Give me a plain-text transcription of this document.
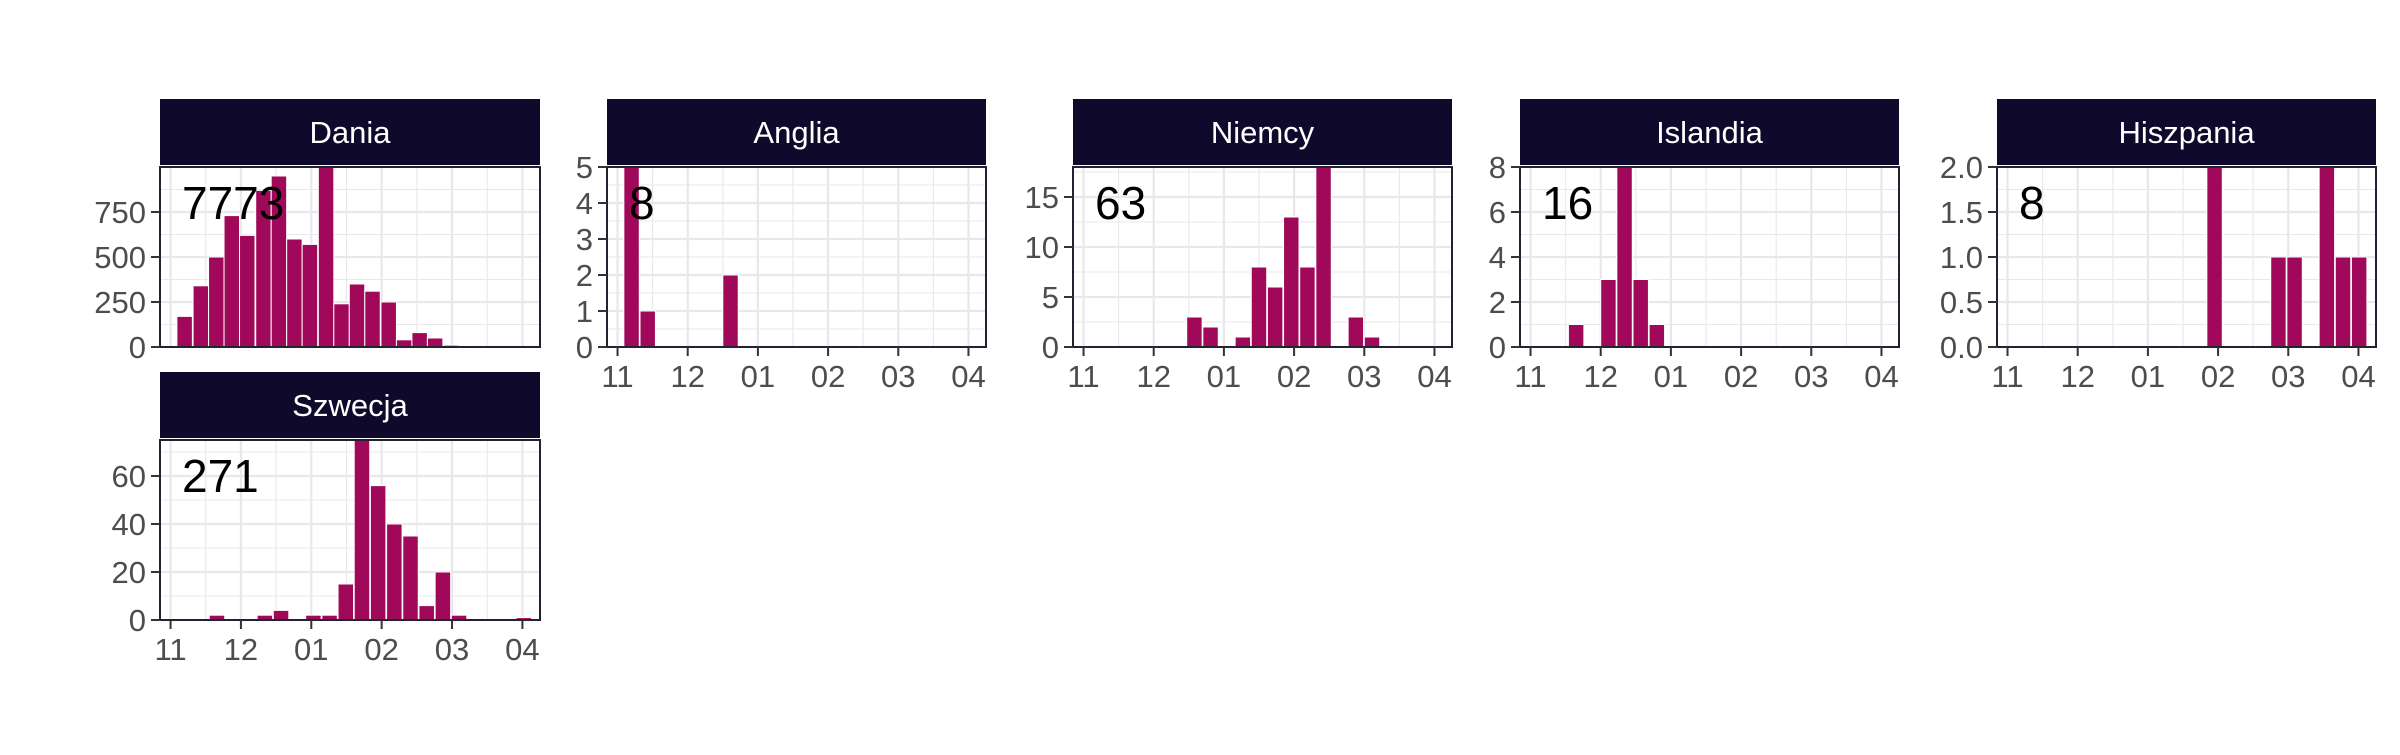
Dania
7773
0
250
500
750
Anglia
8
0
1
2
3
4
5
11 12 01 02 03 04
Niemcy
63
0
5
10
15
11 12 01 02 03 04
Islandia
16
0
2
4
6
8
11 12 01 02 03 04
Hiszpania
8
0.0
0.5
1.0
1.5
2.0
11 12 01 02 03 04
Szwecja
271
0
20
40
60
11 12 01 02 03 04
